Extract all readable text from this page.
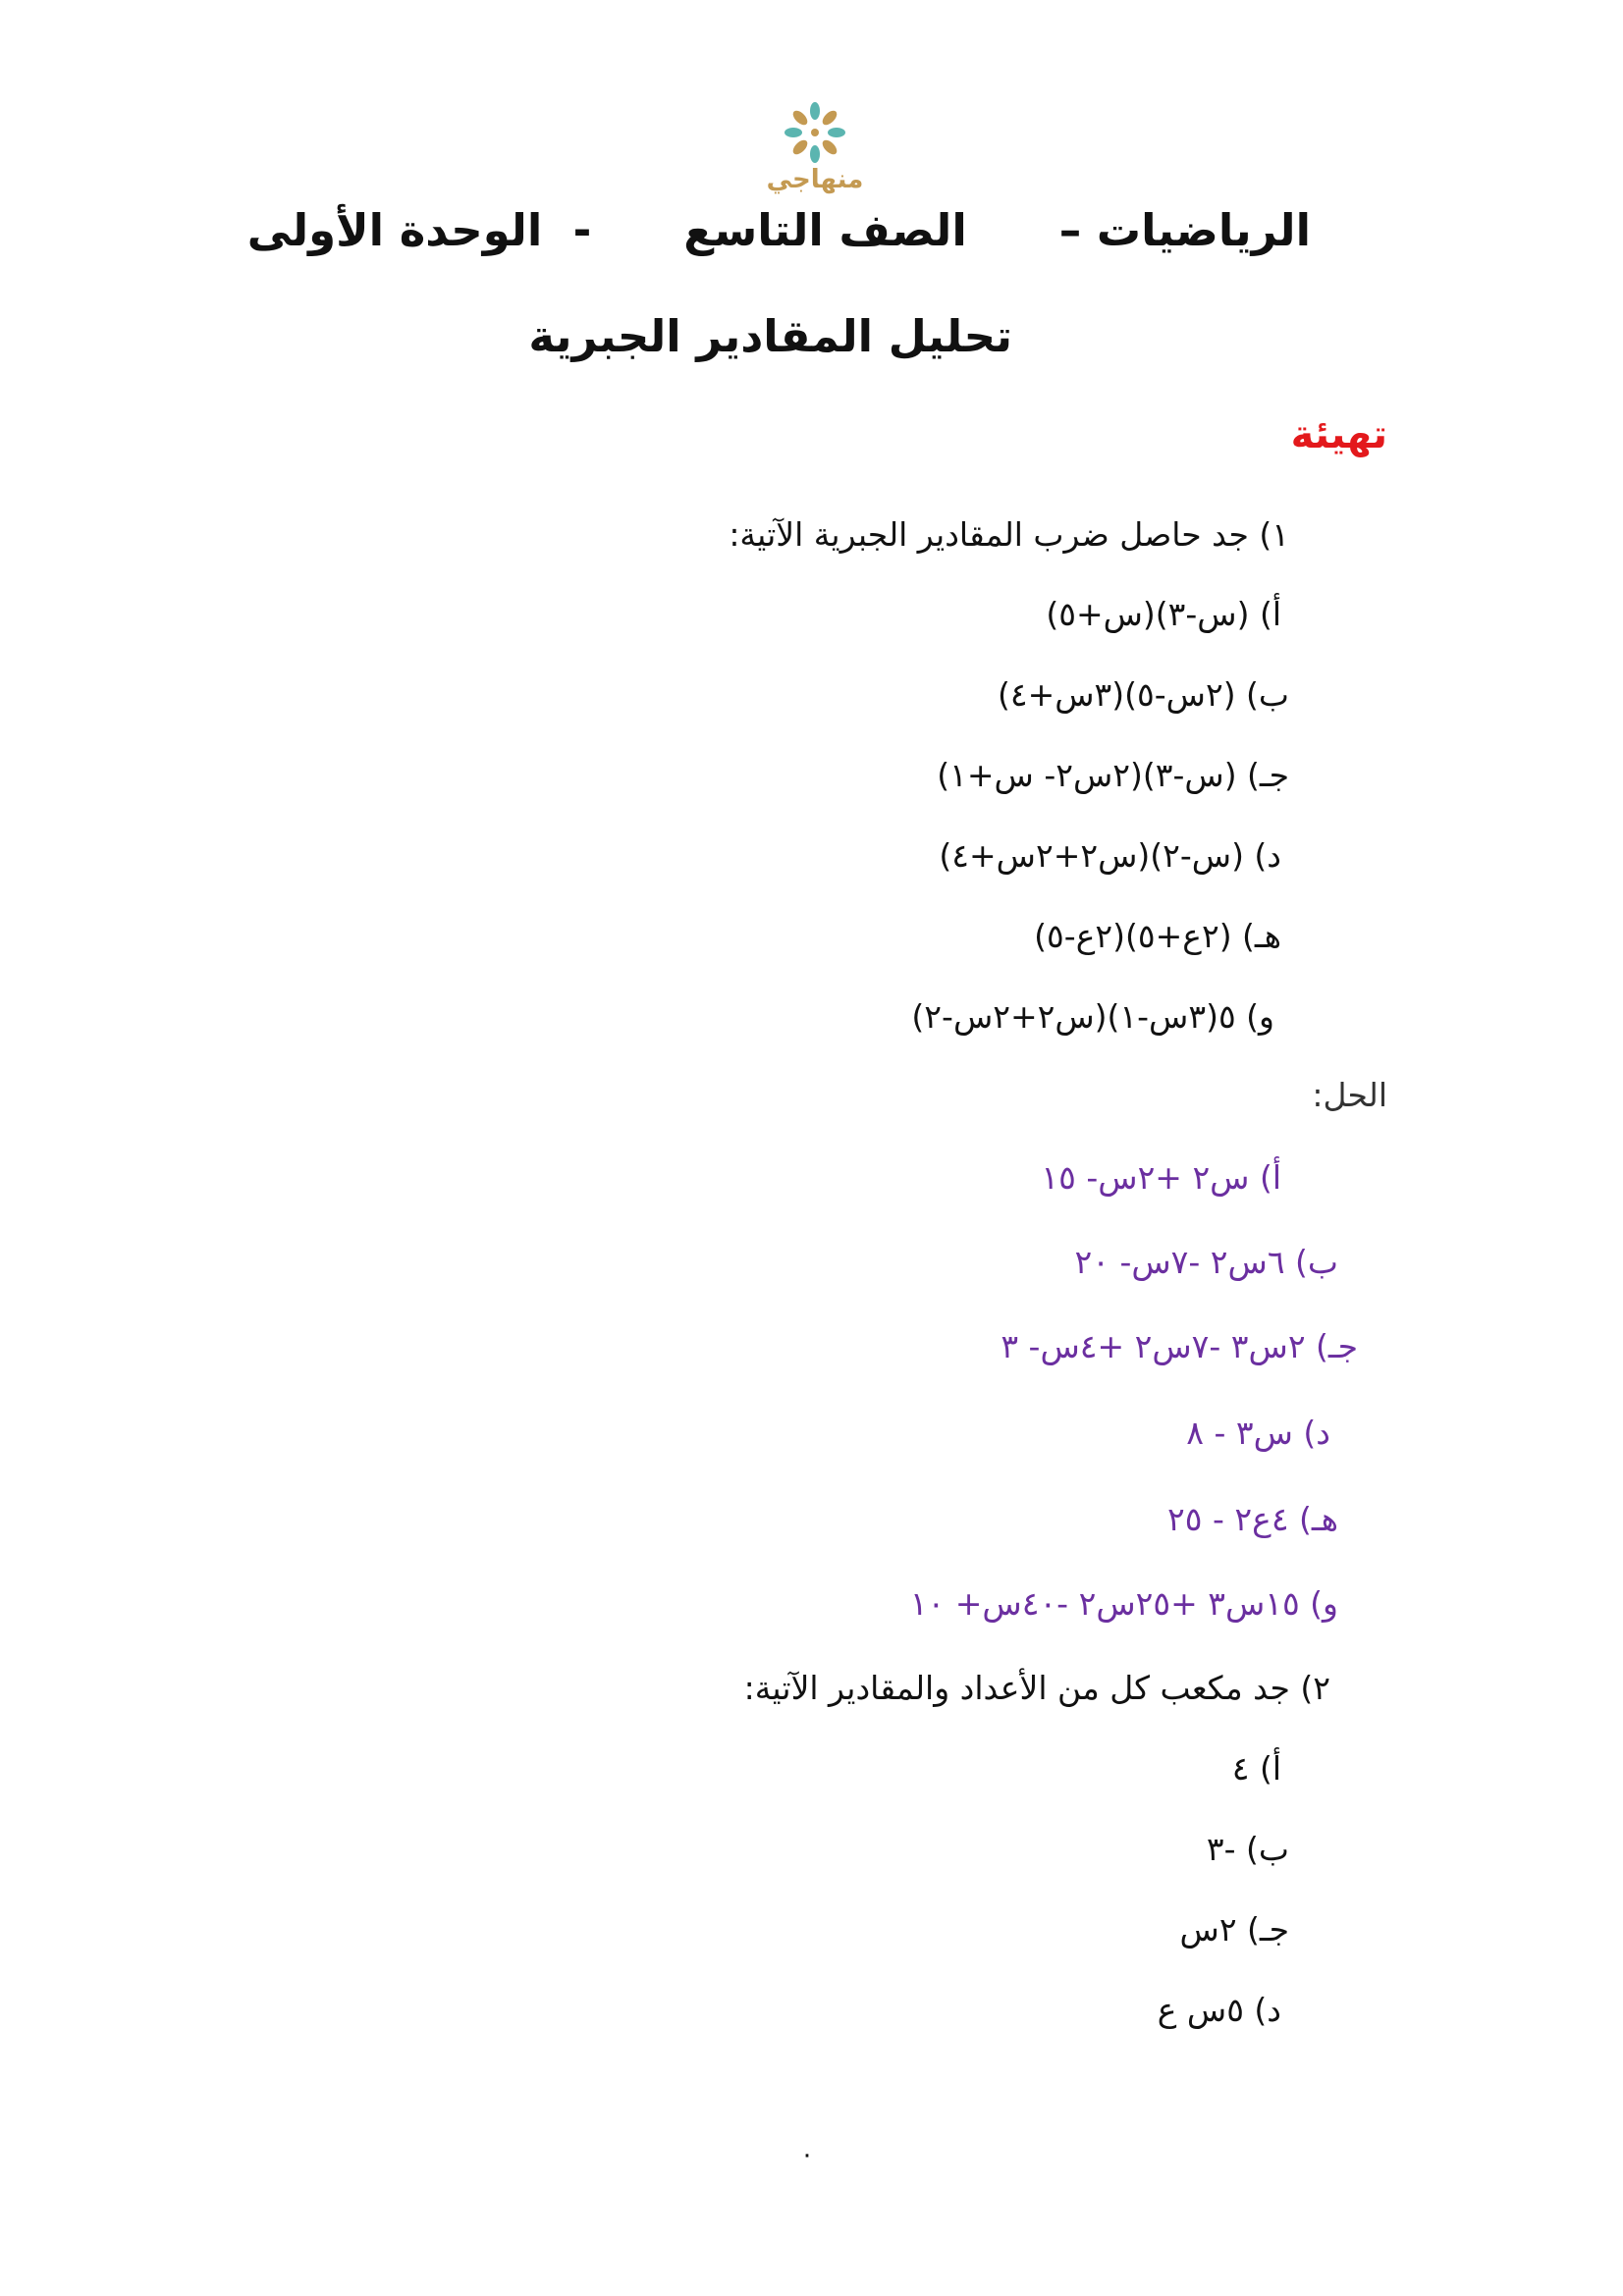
منهاجي
الرياضيات –      الصف التاسع      -  الوحدة الأولى
تحليل المقادير الجبرية
تهيئة
١) جد حاصل ضرب المقادير الجبرية الآتية:
أ) (س-٣)(س+٥)
ب) (٢س-٥)(٣س+٤)
جـ) (س-٣)(٢س٢- س+١)
د) (س-٢)(س٢+٢س+٤)
هـ) (٢ع+٥)(٢ع-٥)
و) ٥(٣س-١)(س٢+٢س-٢)
الحل:
أ) س٢ +٢س- ١٥
ب) ٦س٢ -٧س- ٢٠
جـ) ٢س٣ -٧س٢ +٤س- ٣
د) س٣ - ٨
هـ) ٤ع٢ - ٢٥
و) ١٥س٣ +٢٥س٢ -٤٠س+ ١٠
٢) جد مكعب كل من الأعداد والمقادير الآتية:
أ) ٤
ب) -٣
جـ) ٢س
د) ٥س ع
٠
